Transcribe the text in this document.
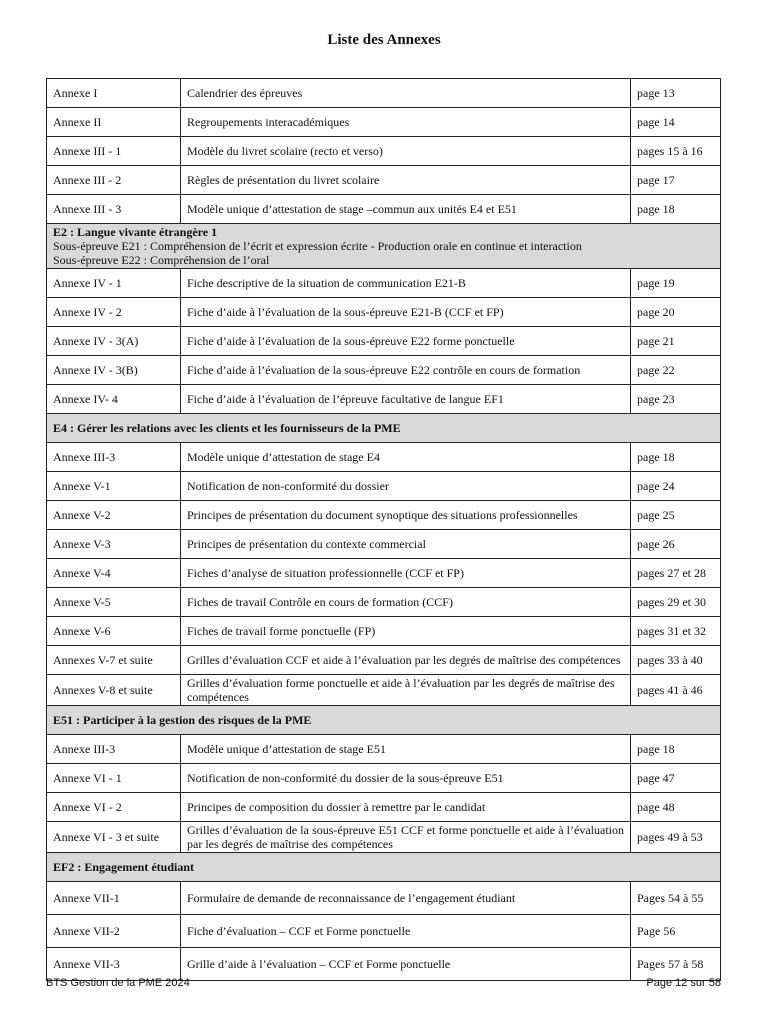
Liste des Annexes
Annexe I	Calendrier des épreuves	page 13
Annexe II	Regroupements interacadémiques	page 14
Annexe III - 1	Modèle du livret scolaire (recto et verso)	pages 15 à 16
Annexe III - 2	Règles de présentation du livret scolaire	page 17
Annexe III - 3	Modèle unique d’attestation de stage –commun aux unités E4 et E51	page 18

E2 : Langue vivante étrangère 1
Sous-épreuve E21 : Compréhension de l’écrit et expression écrite - Production orale en continue et interaction
Sous-épreuve E22 : Compréhension de l’oral		

Annexe IV - 1	Fiche descriptive de la situation de communication E21-B	page 19
Annexe IV - 2	Fiche d’aide à l’évaluation de la sous-épreuve E21-B (CCF et FP)	page 20
Annexe IV - 3(A)	Fiche d’aide à l’évaluation de la sous-épreuve E22 forme ponctuelle	page 21
Annexe IV - 3(B)	Fiche d’aide à l’évaluation de la sous-épreuve E22 contrôle en cours de formation	page 22
Annexe IV- 4	Fiche d’aide à l’évaluation de l’épreuve facultative de langue EF1	page 23

E4 : Gérer les relations avec les clients et les fournisseurs de la PME		

Annexe III-3	Modèle unique d’attestation de stage E4	page 18
Annexe V-1	Notification de non-conformité du dossier	page 24
Annexe V-2	Principes de présentation du document synoptique des situations professionnelles	page 25
Annexe V-3	Principes de présentation du contexte commercial	page 26
Annexe V-4	Fiches d’analyse de situation professionnelle (CCF et FP)	pages 27 et 28
Annexe V-5	Fiches de travail Contrôle en cours de formation (CCF)	pages 29 et 30
Annexe V-6	Fiches de travail forme ponctuelle (FP)	pages 31 et 32
Annexes V-7 et suite	Grilles d’évaluation CCF et aide à l’évaluation par les degrés de maîtrise des compétences	pages 33 à 40
Annexes V-8 et suite	Grilles d’évaluation forme ponctuelle et aide à l’évaluation par les degrés de maîtrise des compétences	pages 41 à 46

E51 : Participer à la gestion des risques de la PME		

Annexe III-3	Modèle unique d’attestation de stage E51	page 18
Annexe VI - 1	Notification de non-conformité du dossier de la sous-épreuve E51	page 47
Annexe VI - 2	Principes de composition du dossier à remettre par le candidat	page 48
Annexe VI - 3 et suite	Grilles d’évaluation de la sous-épreuve E51 CCF et forme ponctuelle et aide à l’évaluation par les degrés de maîtrise des compétences	pages 49 à 53

EF2 : Engagement étudiant		

Annexe VII-1	Formulaire de demande de reconnaissance de l’engagement étudiant	Pages 54 à 55
Annexe VII-2	Fiche d’évaluation – CCF et Forme ponctuelle	Page 56
Annexe VII-3	Grille d’aide à l’évaluation – CCF et Forme ponctuelle	Pages 57 à 58
BTS Gestion de la PME 2024	Page 12 sur 58
